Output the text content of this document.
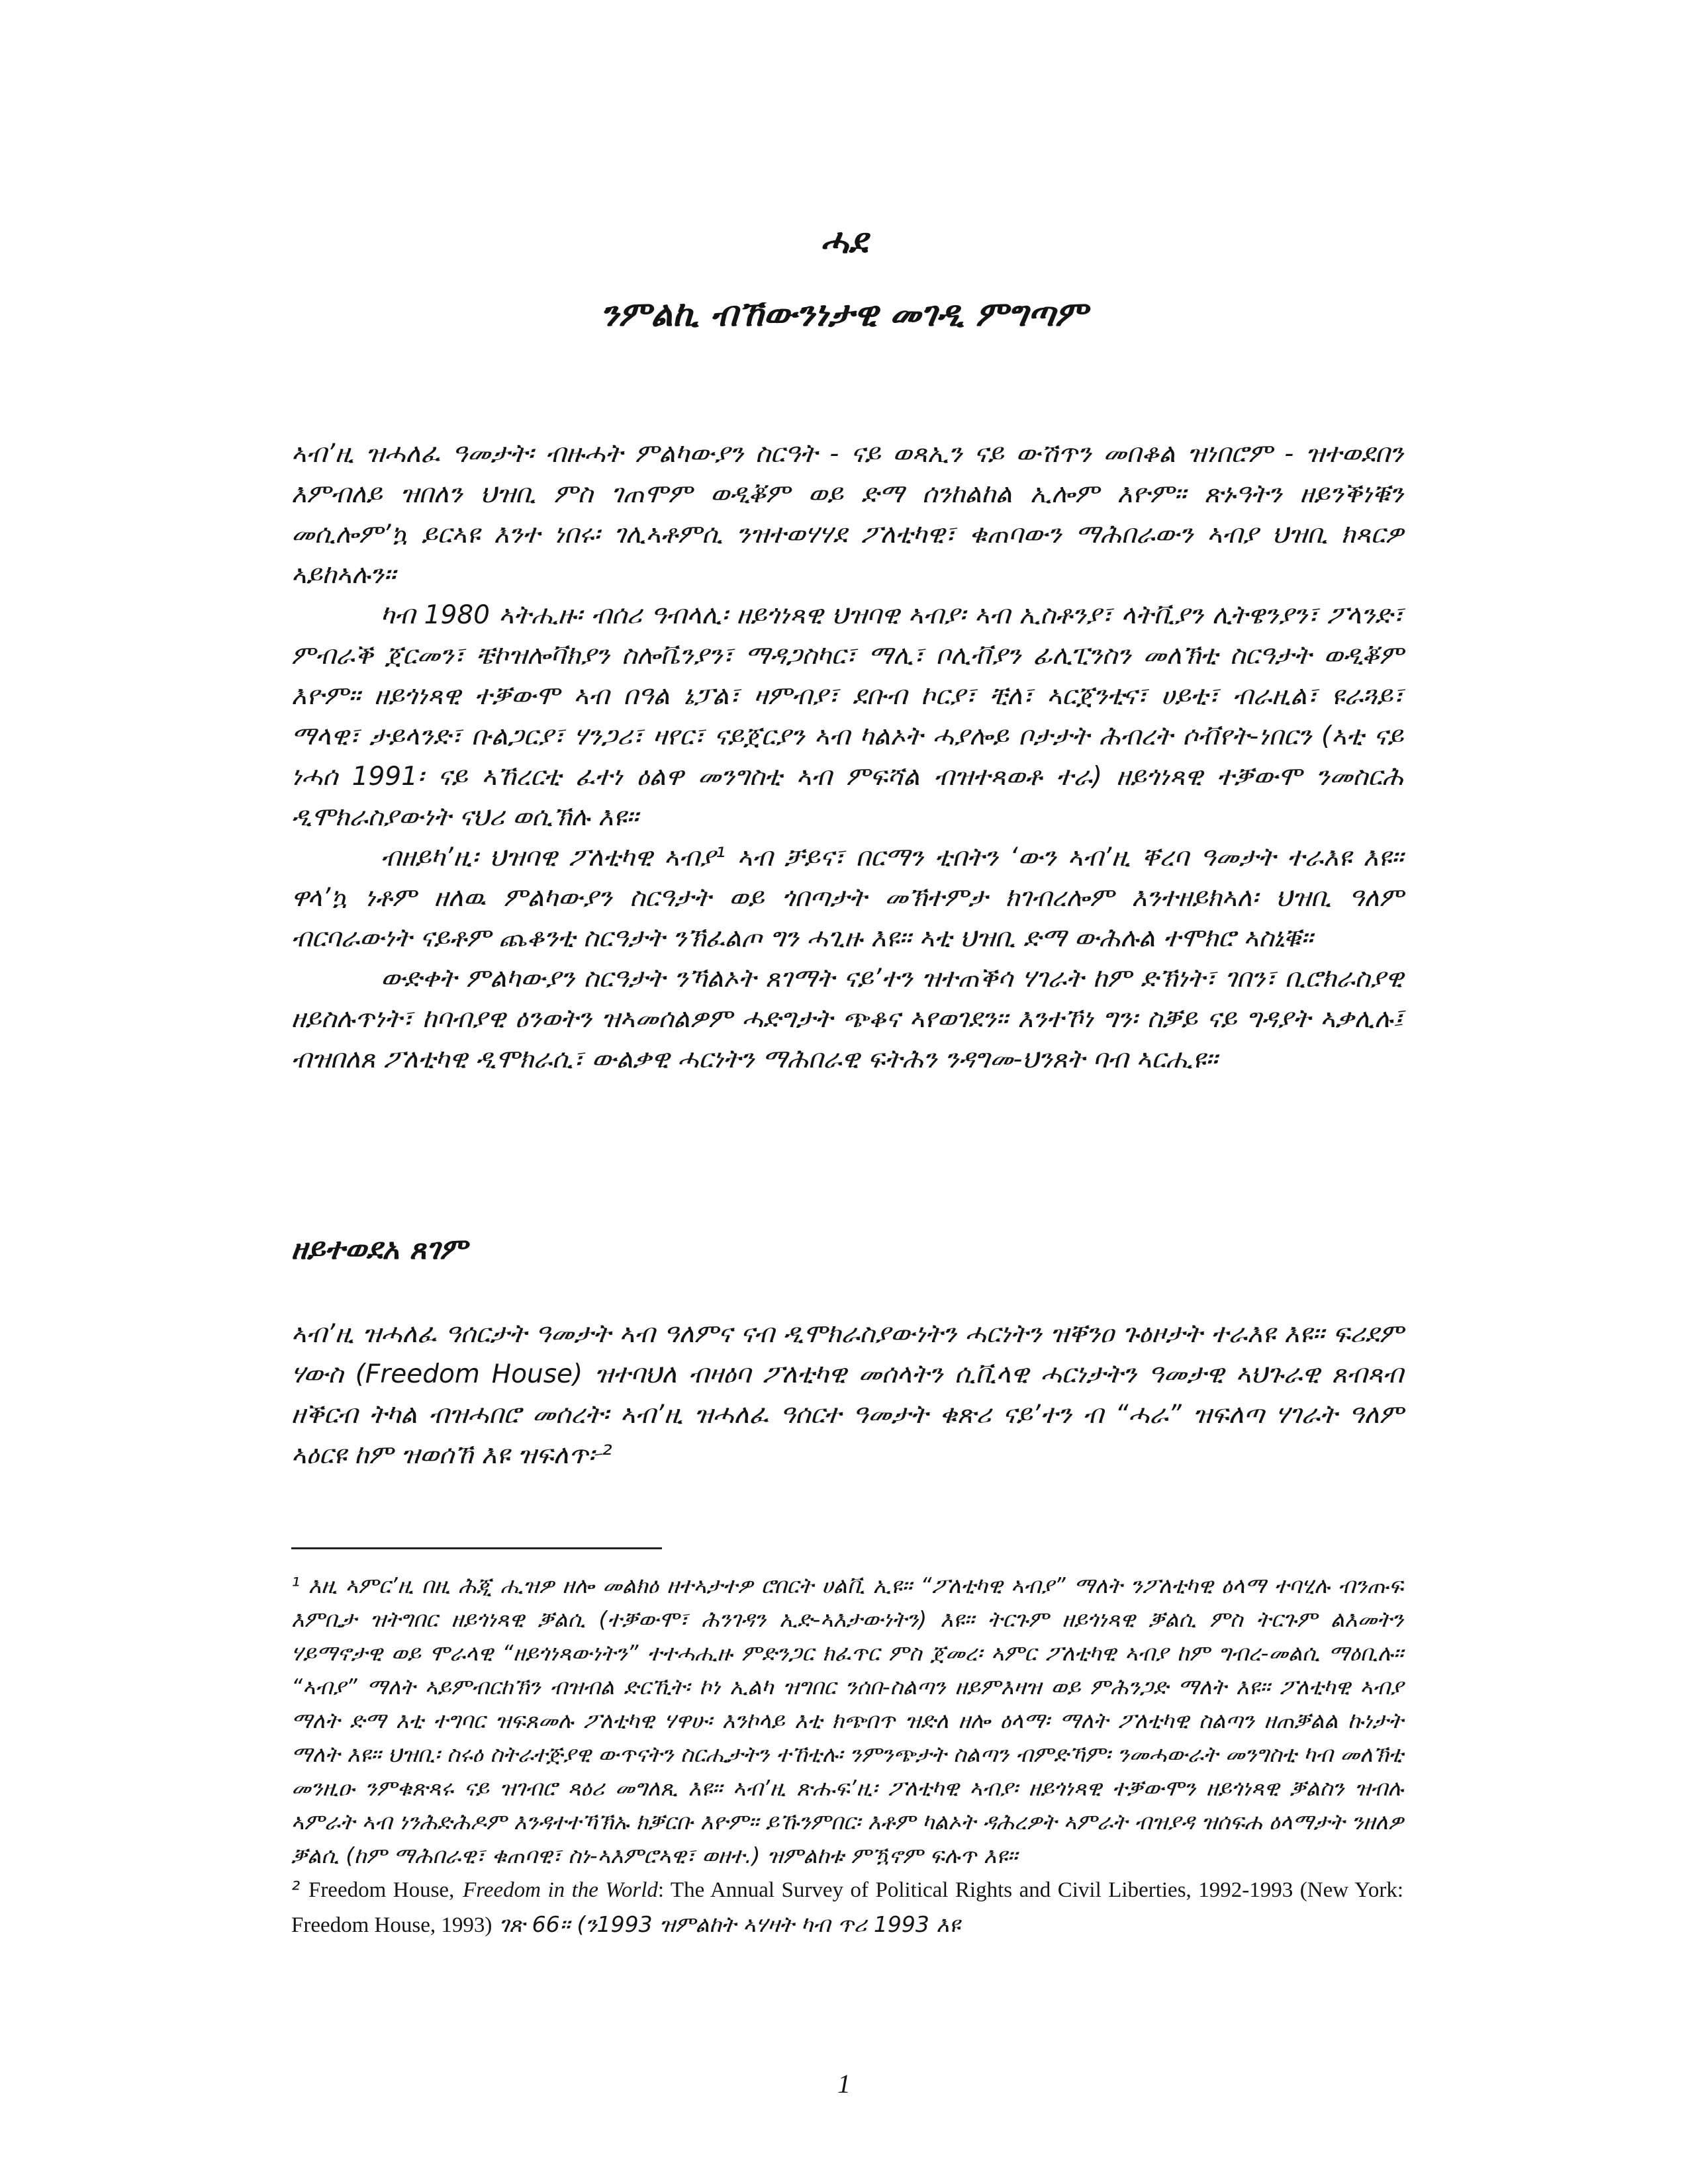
ሓደ
ንምልኪ ብኸውንነታዊ መገዲ ምግጣም

ኣብ’ዚ ዝሓለፈ ዓመታት፡ ብዙሓት ምልካውያን ስርዓት - ናይ ወጻኢን ናይ ውሽጥን መበቆል ዝነበሮም - ዝተወደበን እምብለይ ዝበለን ህዝቢ ምስ ገጠሞም ወዲቖም ወይ ድማ ሰንከልከል ኢሎም እዮም። ጽኑዓትን ዘይንቕነቑን መሲሎም’ኳ ይርኣዩ እንተ ነበሩ፡ ገሊኣቶምሲ ንዝተወሃሃደ ፖለቲካዊ፣ ቁጠባውን ማሕበራውን ኣብያ ህዝቢ ክጻርዎ ኣይከኣሉን።

ካብ 1980 ኣትሒዙ፡ ብሰሪ ዓብላሊ፡ ዘይጎነጻዊ ህዝባዊ ኣብያ፡ ኣብ ኢስቶንያ፣ ላትቪያን ሊትዌንያን፣ ፖላንድ፣ ምብራቕ ጀርመን፣ ቼኮዝሎቫክያን ስሎቬንያን፣ ማዳጋስካር፣ ማሊ፣ ቦሊቭያን ፊሊፒንስን መለኽቲ ስርዓታት ወዲቖም እዮም። ዘይጎነጻዊ ተቓውሞ ኣብ በዓል ኔፓል፣ ዛምብያ፣ ደቡብ ኮርያ፣ ቺለ፣ ኣርጀንቲና፣ ሀይቲ፣ ብራዚል፣ ዩራጓይ፣ ማላዊ፣ ታይላንድ፣ ቡልጋርያ፣ ሃንጋሪ፣ ዛየር፣ ናይጀርያን ኣብ ካልኦት ሓያሎይ ቦታታት ሕብረት ሶቭየት-ነበርን (ኣቲ ናይ ነሓሰ 1991፡ ናይ ኣኸረርቲ ፈተነ ዕልዋ መንግስቲ ኣብ ምፍሻል ብዝተጻወቶ ተራ) ዘይጎነጻዊ ተቓውሞ ንመስርሕ ዲሞክራስያውነት ናህሪ ወሲኽሉ እዩ።

ብዘይካ’ዚ፡ ህዝባዊ ፖለቲካዊ ኣብያ¹ ኣብ ቻይና፣ በርማን ቲበትን ‘ውን ኣብ’ዚ ቐረባ ዓመታት ተራእዩ እዩ። ዋላ’ኳ ነቶም ዘለዉ ምልካውያን ስርዓታት ወይ ጎበጣታት መኽተምታ ክገብረሎም እንተዘይክኣለ፡ ህዝቢ ዓለም ብርባራውነት ናይቶም ጨቆንቲ ስርዓታት ንኽፈልጦ ግን ሓጊዙ እዩ። ኣቲ ህዝቢ ድማ ውሕሉል ተሞክሮ ኣስኒቑ።

ውድቀት ምልካውያን ስርዓታት ንኻልኦት ጸገማት ናይ’ተን ዝተጠቕሳ ሃገራት ከም ድኽነት፣ ገበን፣ ቢሮክራስያዊ ዘይስሉጥነት፣ ከባብያዊ ዕንወትን ዝኣመሰልዎም ሓድግታት ጭቆና ኣየወገደን። እንተኾነ ግን፡ ስቓይ ናይ ግዳያት ኣቃሊሉ፤ ብዝበለጸ ፖለቲካዊ ዲሞክራሲ፣ ውልቃዊ ሓርነትን ማሕበራዊ ፍትሕን ንዳግመ-ህንጸት ባብ ኣርሒዩ።

ዘይተወደአ ጸገም

ኣብ’ዚ ዝሓለፈ ዓሰርታት ዓመታት ኣብ ዓለምና ናብ ዲሞክራስያውነትን ሓርነትን ዝቐንዐ ጉዕዞታት ተራእዩ እዩ። ፍሪደም ሃውስ (Freedom House) ዝተባህለ ብዛዕባ ፖለቲካዊ መሰላትን ሲቪላዊ ሓርነታትን ዓመታዊ ኣህጉራዊ ጸብጻብ ዘቕርብ ትካል ብዝሓበሮ መሰረት፡ ኣብ’ዚ ዝሓለፈ ዓሰርተ ዓመታት ቁጽሪ ናይ’ተን ብ “ሓራ” ዝፍለጣ ሃገራት ዓለም ኣዕርዩ ከም ዝወሰኸ እዩ ዝፍለጥ፦²

¹ እዚ ኣምር’ዚ በዚ ሕጂ ሒዝዎ ዘሎ መልክዕ ዘተኣታተዎ ሮበርት ሀልቪ ኢዩ። “ፖለቲካዊ ኣብያ” ማለት ንፖለቲካዊ ዕላማ ተባሂሉ ብንጡፍ እምቢታ ዝትግበር ዘይጎነጻዊ ቓልሲ (ተቓውሞ፣ ሕንገዳን ኢድ-ኣእታውነትን) እዩ። ትርጉም ዘይጎነጻዊ ቓልሲ ምስ ትርጉም ልእመትን ሃይማኖታዊ ወይ ሞራላዊ “ዘይጎነጻውነትን” ተተሓሒዙ ምድንጋር ክፈጥር ምስ ጀመረ፡ ኣምር ፖለቲካዊ ኣብያ ከም ግብረ-መልሲ ማዕቢሉ። “ኣብያ” ማለት ኣይምብርከኽን ብዝብል ድርኺት፡ ኮነ ኢልካ ዝግበር ንሰበ-ስልጣን ዘይምእዛዝ ወይ ምሕንጋድ ማለት እዩ። ፖለቲካዊ ኣብያ ማለት ድማ እቲ ተግባር ዝፍጸመሉ ፖለቲካዊ ሃዋሁ፡ እንኮላይ እቲ ክጭበጥ ዝድለ ዘሎ ዕላማ፡ ማለት ፖለቲካዊ ስልጣን ዘጠቓልል ኩነታት ማለት እዩ። ህዝቢ፡ ስሩዕ ስትራተጅያዊ ውጥናትን ስርሒታትን ተኸቲሉ፡ ንምንጭታት ስልጣን ብምድኻም፡ ንመሓውራት መንግስቲ ካብ መለኽቲ መንዚዑ ንምቁጽጻሩ ናይ ዝገብሮ ጻዕሪ መግለጺ እዩ። ኣብ’ዚ ጽሑፍ’ዚ፡ ፖለቲካዊ ኣብያ፡ ዘይጎነጻዊ ተቓውሞን ዘይጎነጻዊ ቓልስን ዝብሉ ኣምራት ኣብ ነንሕድሕዶም እንዳተተኻኽኡ ክቓርቡ እዮም። ይኹንምበር፡ እቶም ካልኦት ዳሕረዎት ኣምራት ብዝያዳ ዝሰፍሐ ዕላማታት ንዘለዎ ቓልሲ (ከም ማሕበራዊ፣ ቁጠባዊ፣ ስነ-ኣእምሮኣዊ፣ ወዘተ.) ዝምልከቱ ምዃኖም ፍሉጥ እዩ።

² Freedom House, Freedom in the World: The Annual Survey of Political Rights and Civil Liberties, 1992-1993 (New York: Freedom House, 1993) ገጽ 66። (ን1993 ዝምልከት ኣሃዛት ካብ ጥሪ 1993 እዩ

1
